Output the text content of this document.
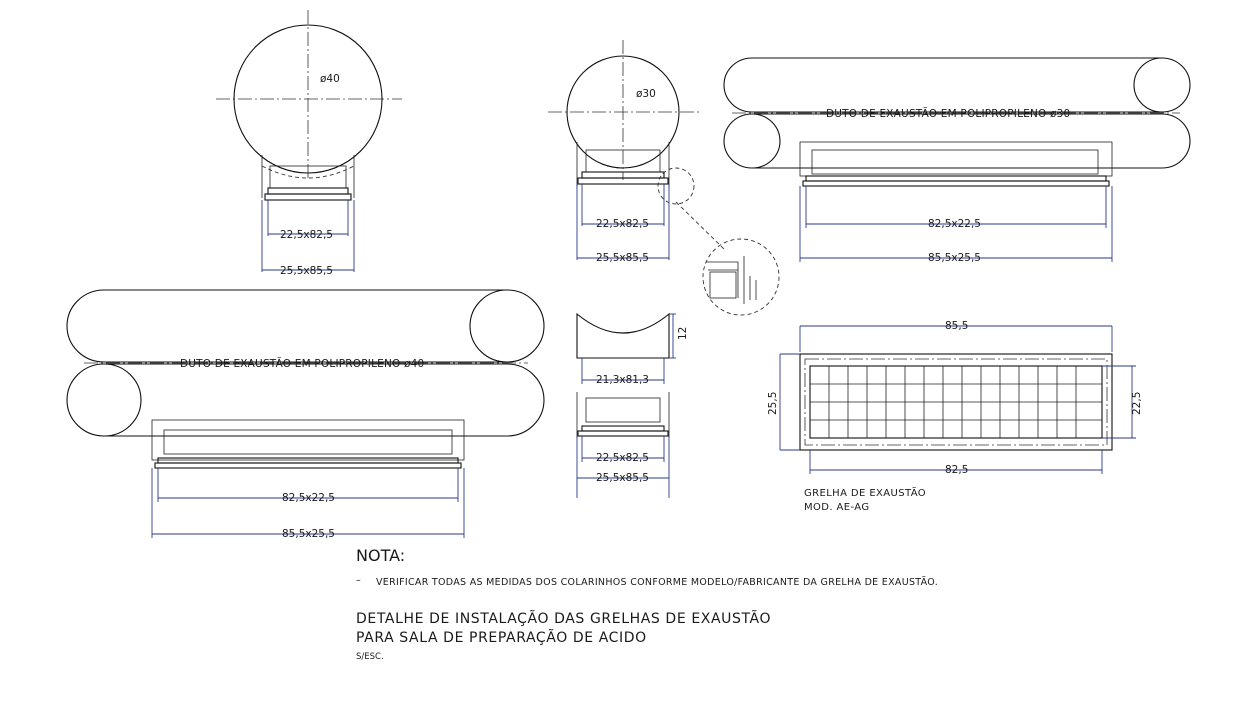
ø40
22,5x82,5
25,5x85,5
ø30
22,5x82,5
25,5x85,5
DUTO DE EXAUSTÃO EM POLIPROPILENO ø30
82,5x22,5
85,5x25,5
DUTO DE EXAUSTÃO EM POLIPROPILENO ø40
82,5x22,5
85,5x25,5
12
21,3x81,3
22,5x82,5
25,5x85,5
85,5
25,5	22,5
82,5
GRELHA DE EXAUSTÃO
MOD. AE-AG
NOTA:
– VERIFICAR TODAS AS MEDIDAS DOS COLARINHOS CONFORME MODELO/FABRICANTE DA GRELHA DE EXAUSTÃO.
DETALHE DE INSTALAÇÃO DAS GRELHAS DE EXAUSTÃO
PARA SALA DE PREPARAÇÃO DE ACIDO
S/ESC.
